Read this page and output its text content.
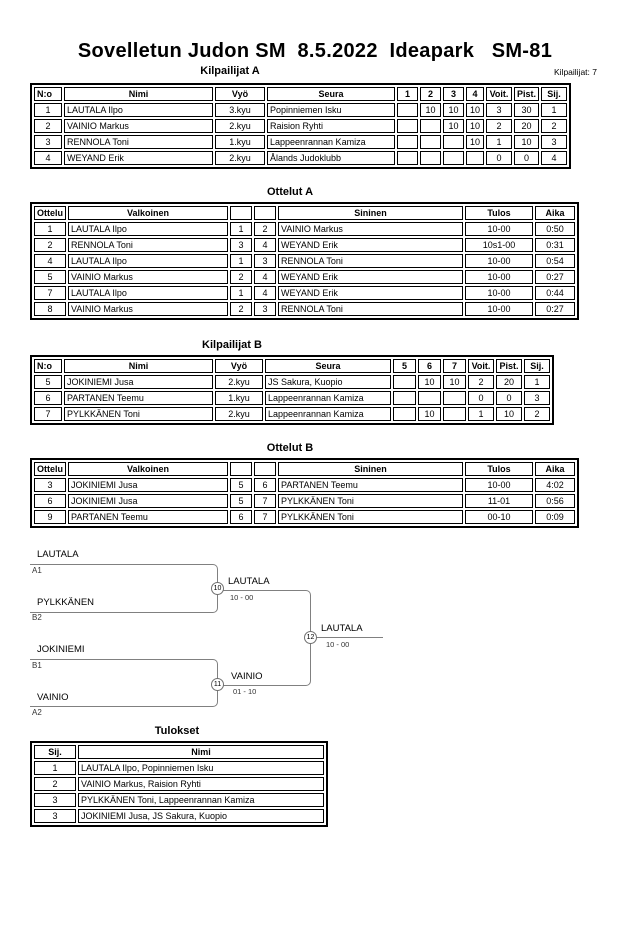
Sovelletun Judon SM  8.5.2022  Ideapark   SM-81
Kilpailijat A	Kilpailijat: 7
N:o	Nimi	Vyö	Seura	1	2	3	4	Voit.	Pist.	Sij.
1	LAUTALA Ilpo	3.kyu	Popinniemen Isku		10	10	10	3	30	1
2	VAINIO Markus	2.kyu	Raision Ryhti			10	10	2	20	2
3	RENNOLA Toni	1.kyu	Lappeenrannan Kamiza				10	1	10	3
4	WEYAND Erik	2.kyu	Ålands Judoklubb					0	0	4
Ottelut A
Ottelu	Valkoinen			Sininen	Tulos	Aika
1	LAUTALA Ilpo	1	2	VAINIO Markus	10-00	0:50
2	RENNOLA Toni	3	4	WEYAND Erik	10s1-00	0:31
4	LAUTALA Ilpo	1	3	RENNOLA Toni	10-00	0:54
5	VAINIO Markus	2	4	WEYAND Erik	10-00	0:27
7	LAUTALA Ilpo	1	4	WEYAND Erik	10-00	0:44
8	VAINIO Markus	2	3	RENNOLA Toni	10-00	0:27
Kilpailijat B
N:o	Nimi	Vyö	Seura	5	6	7	Voit.	Pist.	Sij.
5	JOKINIEMI Jusa	2.kyu	JS Sakura, Kuopio		10	10	2	20	1
6	PARTANEN Teemu	1.kyu	Lappeenrannan Kamiza				0	0	3
7	PYLKKÄNEN Toni	2.kyu	Lappeenrannan Kamiza		10		1	10	2
Ottelut B
Ottelu	Valkoinen			Sininen	Tulos	Aika
3	JOKINIEMI Jusa	5	6	PARTANEN Teemu	10-00	4:02
6	JOKINIEMI Jusa	5	7	PYLKKÄNEN Toni	11-01	0:56
9	PARTANEN Teemu	6	7	PYLKKÄNEN Toni	00-10	0:09
LAUTALA
A1
PYLKKÄNEN
B2
JOKINIEMI
B1
VAINIO
A2
10
11
12
LAUTALA
10 - 00
VAINIO
01 - 10
LAUTALA
10 - 00
Tulokset
Sij.	Nimi
1	LAUTALA Ilpo, Popinniemen Isku
2	VAINIO Markus, Raision Ryhti
3	PYLKKÄNEN Toni, Lappeenrannan Kamiza
3	JOKINIEMI Jusa, JS Sakura, Kuopio
